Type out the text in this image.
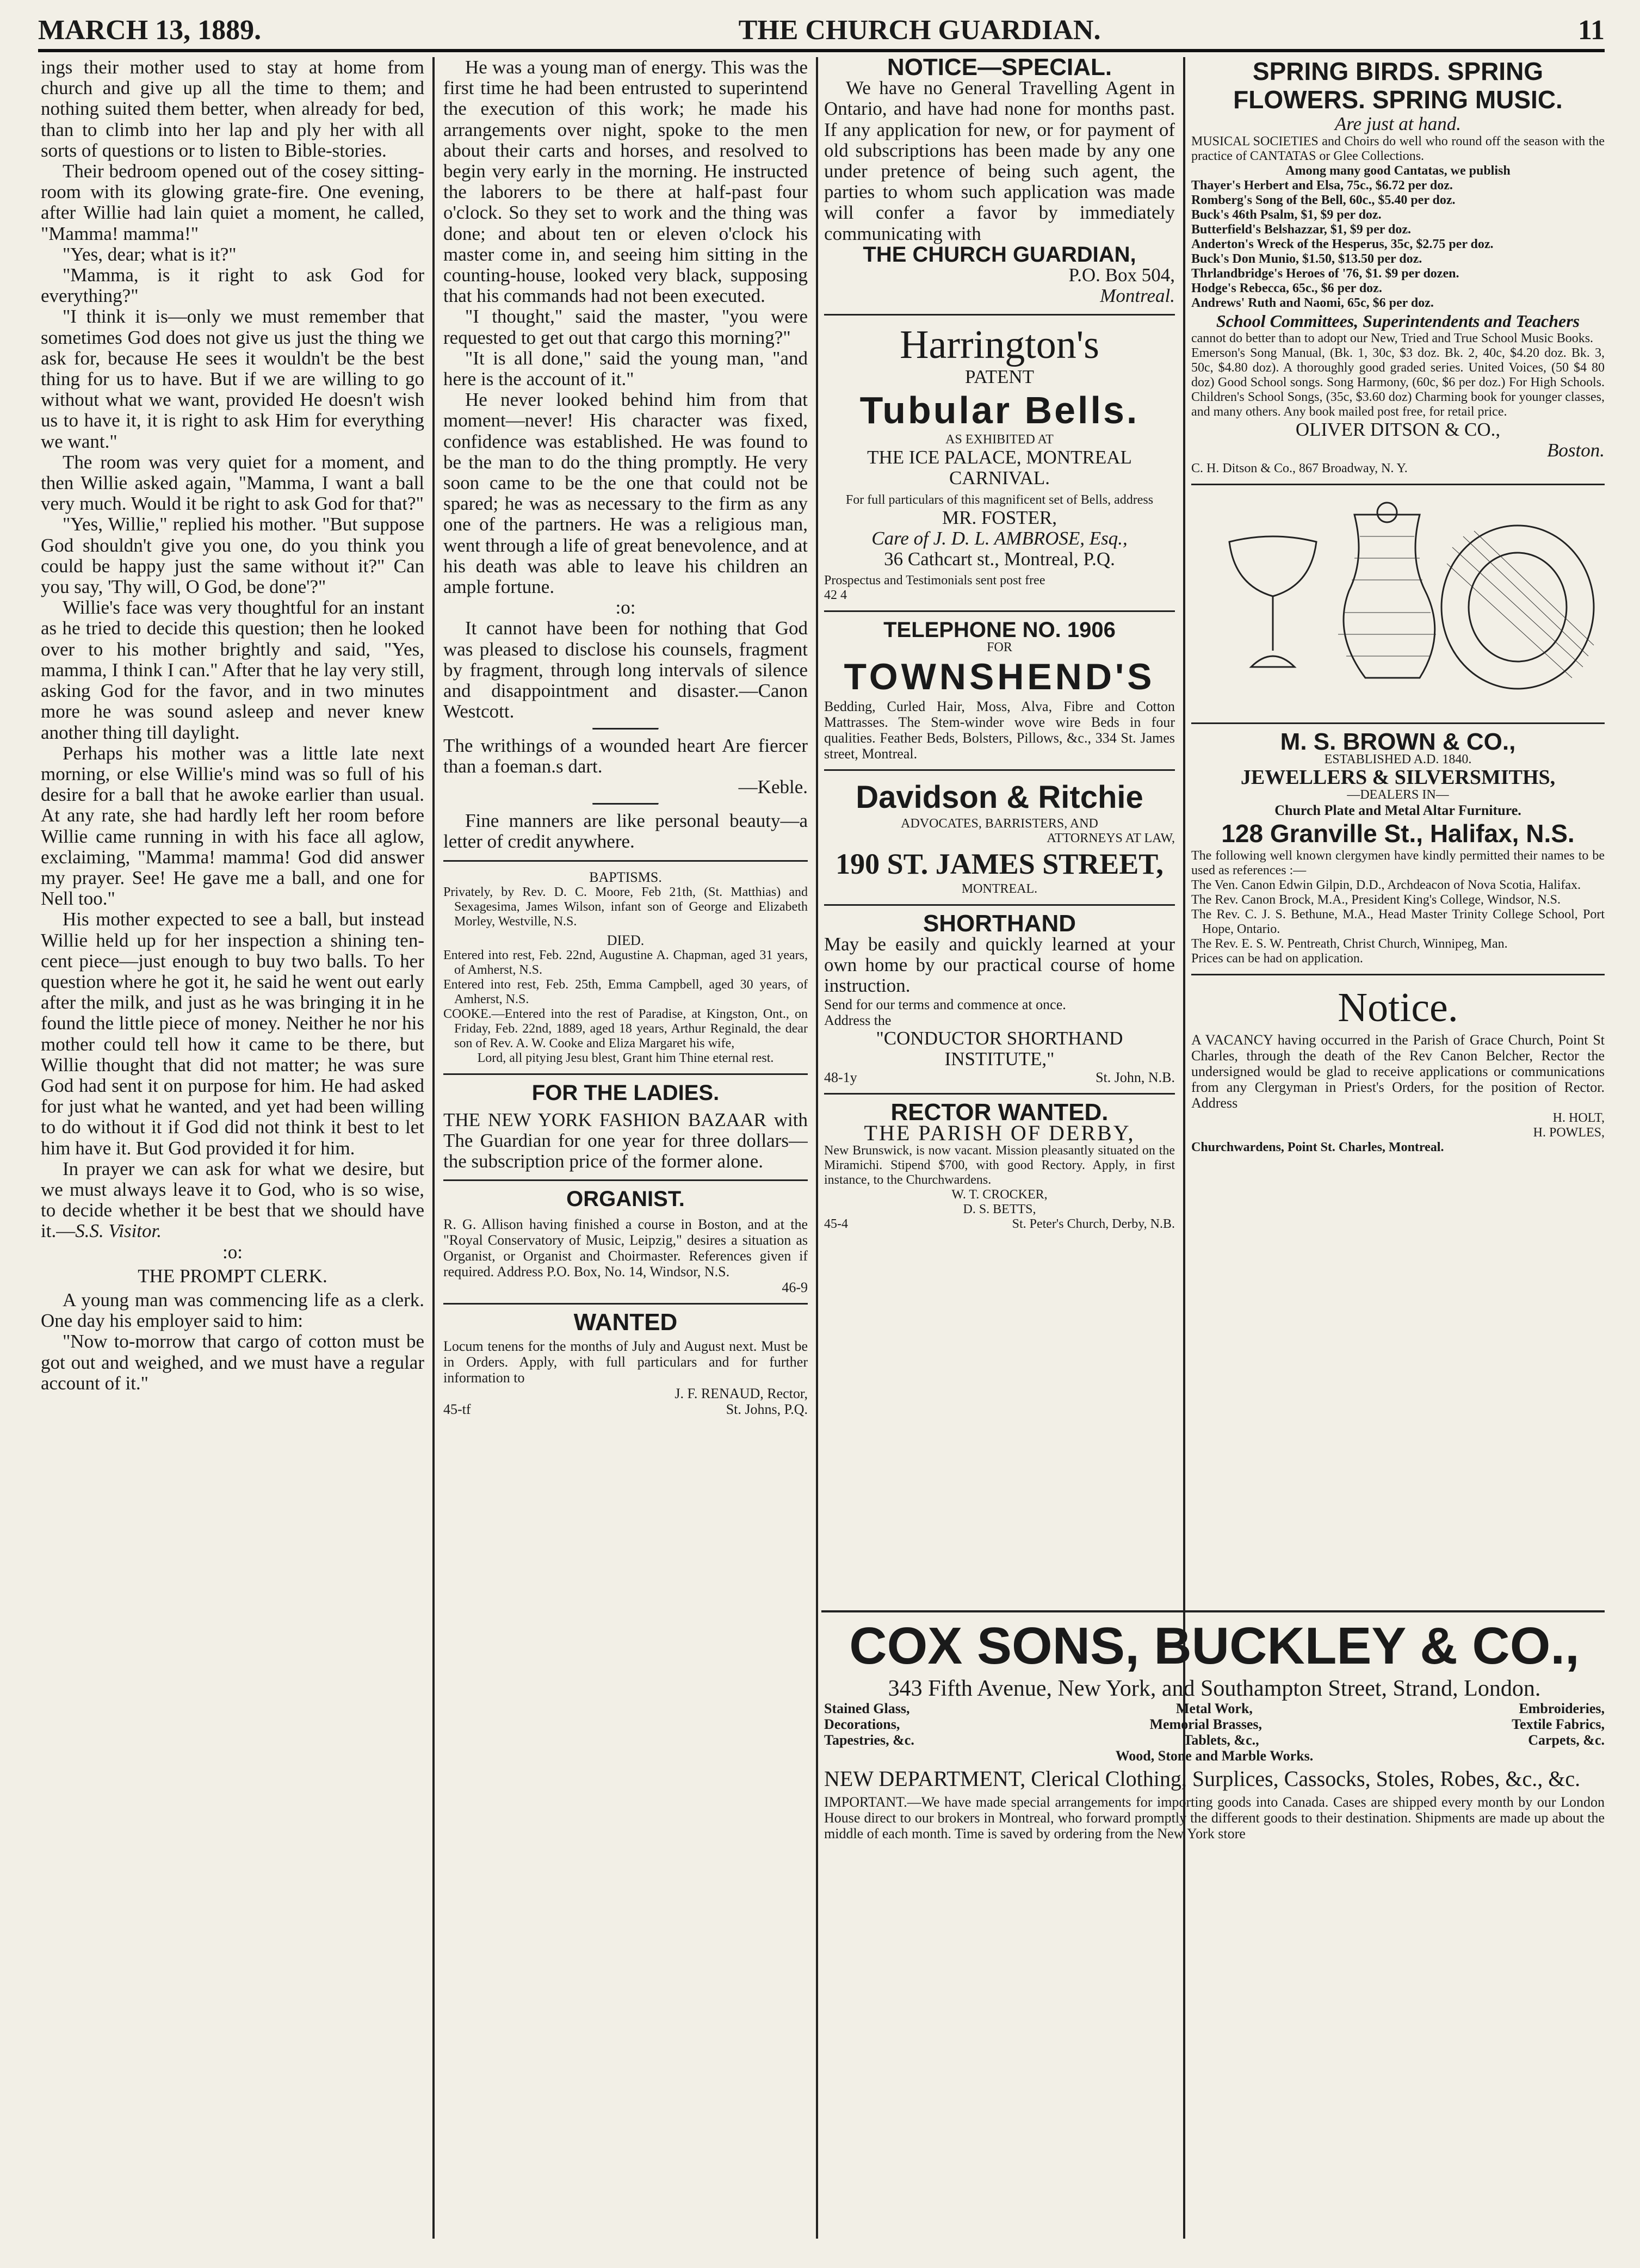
MARCH 13, 1889.	THE CHURCH GUARDIAN.	11

ings their mother used to stay at home from church and give up all the time to them; and nothing suited them better, when already for bed, than to climb into her lap and ply her with all sorts of questions or to listen to Bible-stories.

Their bedroom opened out of the cosey sitting-room with its glowing grate-fire. One evening, after Willie had lain quiet a moment, he called, "Mamma! mamma!"

"Yes, dear; what is it?"

"Mamma, is it right to ask God for everything?"

"I think it is—only we must remember that sometimes God does not give us just the thing we ask for, because He sees it wouldn't be the best thing for us to have. But if we are willing to go without what we want, provided He doesn't wish us to have it, it is right to ask Him for everything we want."

The room was very quiet for a moment, and then Willie asked again, "Mamma, I want a ball very much. Would it be right to ask God for that?"

"Yes, Willie," replied his mother. "But suppose God shouldn't give you one, do you think you could be happy just the same without it?" Can you say, 'Thy will, O God, be done'?"

Willie's face was very thoughtful for an instant as he tried to decide this question; then he looked over to his mother brightly and said, "Yes, mamma, I think I can." After that he lay very still, asking God for the favor, and in two minutes more he was sound asleep and never knew another thing till daylight.

Perhaps his mother was a little late next morning, or else Willie's mind was so full of his desire for a ball that he awoke earlier than usual. At any rate, she had hardly left her room before Willie came running in with his face all aglow, exclaiming, "Mamma! mamma! God did answer my prayer. See! He gave me a ball, and one for Nell too."

His mother expected to see a ball, but instead Willie held up for her inspection a shining ten-cent piece—just enough to buy two balls. To her question where he got it, he said he went out early after the milk, and just as he was bringing it in he found the little piece of money. Neither he nor his mother could tell how it came to be there, but Willie thought that did not matter; he was sure God had sent it on purpose for him. He had asked for just what he wanted, and yet had been willing to do without it if God did not think it best to let him have it. But God provided it for him.

In prayer we can ask for what we desire, but we must always leave it to God, who is so wise, to decide whether it be best that we should have it.—S.S. Visitor.

:o:
THE PROMPT CLERK.

A young man was commencing life as a clerk. One day his employer said to him:

"Now to-morrow that cargo of cotton must be got out and weighed, and we must have a regular account of it."

He was a young man of energy. This was the first time he had been entrusted to superintend the execution of this work; he made his arrangements over night, spoke to the men about their carts and horses, and resolved to begin very early in the morning. He instructed the laborers to be there at half-past four o'clock. So they set to work and the thing was done; and about ten or eleven o'clock his master come in, and seeing him sitting in the counting-house, looked very black, supposing that his commands had not been executed.

"I thought," said the master, "you were requested to get out that cargo this morning?"

"It is all done," said the young man, "and here is the account of it."

He never looked behind him from that moment—never! His character was fixed, confidence was established. He was found to be the man to do the thing promptly. He very soon came to be the one that could not be spared; he was as necessary to the firm as any one of the partners. He was a religious man, went through a life of great benevolence, and at his death was able to leave his children an ample fortune.

:o:

It cannot have been for nothing that God was pleased to disclose his counsels, fragment by fragment, through long intervals of silence and disappointment and disaster.—Canon Westcott.

The writhings of a wounded heart Are fiercer than a foeman.s dart.

—Keble.

Fine manners are like personal beauty—a letter of credit anywhere.

BAPTISMS.
Privately, by Rev. D. C. Moore, Feb 21th, (St. Matthias) and Sexagesima, James Wilson, infant son of George and Elizabeth Morley, Westville, N.S.
DIED.
Entered into rest, Feb. 22nd, Augustine A. Chapman, aged 31 years, of Amherst, N.S.
Entered into rest, Feb. 25th, Emma Campbell, aged 30 years, of Amherst, N.S.
COOKE.—Entered into the rest of Paradise, at Kingston, Ont., on Friday, Feb. 22nd, 1889, aged 18 years, Arthur Reginald, the dear son of Rev. A. W. Cooke and Eliza Margaret his wife,
Lord, all pitying Jesu blest, Grant him Thine eternal rest.
FOR THE LADIES.

THE NEW YORK FASHION BAZAAR with The Guardian for one year for three dollars—the subscription price of the former alone.

ORGANIST.
R. G. Allison having finished a course in Boston, and at the "Royal Conservatory of Music, Leipzig," desires a situation as Organist, or Organist and Choirmaster. References given if required. Address P.O. Box, No. 14, Windsor, N.S.
46-9
WANTED
Locum tenens for the months of July and August next. Must be in Orders. Apply, with full particulars and for further information to
J. F. RENAUD, Rector,
45-tf	St. Johns, P.Q.
NOTICE—SPECIAL.

We have no General Travelling Agent in Ontario, and have had none for months past. If any application for new, or for payment of old subscriptions has been made by any one under pretence of being such agent, the parties to whom such application was made will confer a favor by immediately communicating with

THE CHURCH GUARDIAN,
P.O. Box 504,
Montreal.
Harrington's
PATENT
Tubular Bells.
AS EXHIBITED AT
THE ICE PALACE, MONTREAL CARNIVAL.
For full particulars of this magnificent set of Bells, address
MR. FOSTER,
Care of J. D. L. AMBROSE, Esq.,
36 Cathcart st., Montreal, P.Q.
Prospectus and Testimonials sent post free
42 4
TELEPHONE NO. 1906
FOR
TOWNSHEND'S
Bedding, Curled Hair, Moss, Alva, Fibre and Cotton Mattrasses. The Stem-winder wove wire Beds in four qualities. Feather Beds, Bolsters, Pillows, &c., 334 St. James street, Montreal.
Davidson & Ritchie
ADVOCATES, BARRISTERS, AND
ATTORNEYS AT LAW,
190 ST. JAMES STREET,
MONTREAL.
SHORTHAND
May be easily and quickly learned at your own home by our practical course of home instruction.
Send for our terms and commence at once.
Address the
"CONDUCTOR SHORTHAND INSTITUTE,"
48-1y	St. John, N.B.
RECTOR WANTED.
THE PARISH OF DERBY,
New Brunswick, is now vacant. Mission pleasantly situated on the Miramichi. Stipend $700, with good Rectory. Apply, in first instance, to the Churchwardens.
W. T. CROCKER,
D. S. BETTS,
45-4	St. Peter's Church, Derby, N.B.
SPRING BIRDS. SPRING FLOWERS. SPRING MUSIC.
Are just at hand.
MUSICAL SOCIETIES and Choirs do well who round off the season with the practice of CANTATAS or Glee Collections.
Among many good Cantatas, we publish
Thayer's Herbert and Elsa, 75c., $6.72 per doz.
Romberg's Song of the Bell, 60c., $5.40 per doz.
Buck's 46th Psalm, $1, $9 per doz.
Butterfield's Belshazzar, $1, $9 per doz.
Anderton's Wreck of the Hesperus, 35c, $2.75 per doz.
Buck's Don Munio, $1.50, $13.50 per doz.
Thrlandbridge's Heroes of '76, $1. $9 per dozen.
Hodge's Rebecca, 65c., $6 per doz.
Andrews' Ruth and Naomi, 65c, $6 per doz.
School Committees, Superintendents and Teachers
cannot do better than to adopt our New, Tried and True School Music Books.
Emerson's Song Manual, (Bk. 1, 30c, $3 doz. Bk. 2, 40c, $4.20 doz. Bk. 3, 50c, $4.80 doz). A thoroughly good graded series. United Voices, (50 $4 80 doz) Good School songs. Song Harmony, (60c, $6 per doz.) For High Schools. Children's School Songs, (35c, $3.60 doz) Charming book for younger classes, and many others. Any book mailed post free, for retail price.
OLIVER DITSON & CO.,
Boston.
C. H. Ditson & Co., 867 Broadway, N. Y.
M. S. BROWN & CO.,
ESTABLISHED A.D. 1840.
JEWELLERS & SILVERSMITHS,
—DEALERS IN—
Church Plate and Metal Altar Furniture.
128 Granville St., Halifax, N.S.
The following well known clergymen have kindly permitted their names to be used as references :—
The Ven. Canon Edwin Gilpin, D.D., Archdeacon of Nova Scotia, Halifax.
The Rev. Canon Brock, M.A., President King's College, Windsor, N.S.
The Rev. C. J. S. Bethune, M.A., Head Master Trinity College School, Port Hope, Ontario.
The Rev. E. S. W. Pentreath, Christ Church, Winnipeg, Man.
Prices can be had on application.
Notice.
A VACANCY having occurred in the Parish of Grace Church, Point St Charles, through the death of the Rev Canon Belcher, Rector the undersigned would be glad to receive applications or communications from any Clergyman in Priest's Orders, for the position of Rector. Address
H. HOLT,
H. POWLES,
Churchwardens, Point St. Charles, Montreal.
COX SONS, BUCKLEY & CO.,
343 Fifth Avenue, New York, and Southampton Street, Strand, London.
Stained Glass,	Metal Work,	Embroideries,
Decorations,	Memorial Brasses,	Textile Fabrics,
Tapestries, &c.	Tablets, &c.,	Carpets, &c.
Wood, Stone and Marble Works.
NEW DEPARTMENT, Clerical Clothing, Surplices, Cassocks, Stoles, Robes, &c., &c.
IMPORTANT.—We have made special arrangements for importing goods into Canada. Cases are shipped every month by our London House direct to our brokers in Montreal, who forward promptly the different goods to their destination. Shipments are made up about the middle of each month. Time is saved by ordering from the New York store
